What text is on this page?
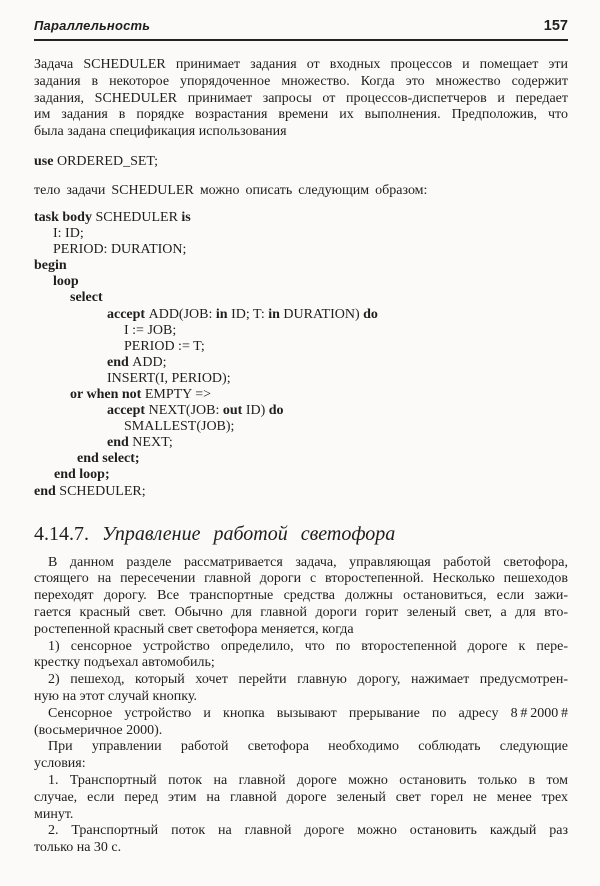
Параллельность	157
Задача SCHEDULER принимает задания от входных процессов и помещает эти
задания в некоторое упорядоченное множество. Когда это множество содержит
задания, SCHEDULER принимает запросы от процессов-диспетчеров и передает
им задания в порядке возрастания времени их выполнения. Предположив, что
была задана спецификация использования
use ORDERED_SET;
тело задачи SCHEDULER можно описать следующим образом:
task body SCHEDULER is
I: ID;
PERIOD: DURATION;
begin
loop
select
accept ADD(JOB: in ID; T: in DURATION) do
I := JOB;
PERIOD := T;
end ADD;
INSERT(I, PERIOD);
or when not EMPTY =>
accept NEXT(JOB: out ID) do
SMALLEST(JOB);
end NEXT;
end select;
end loop;
end SCHEDULER;
4.14.7. Управление работой светофора
В данном разделе рассматривается задача, управляющая работой светофора,
стоящего на пересечении главной дороги с второстепенной. Несколько пешеходов
переходят дорогу. Все транспортные средства должны остановиться, если зажи-
гается красный свет. Обычно для главной дороги горит зеленый свет, а для вто-
ростепенной красный свет светофора меняется, когда
1) сенсорное устройство определило, что по второстепенной дороге к пере-
крестку подъехал автомобиль;
2) пешеход, который хочет перейти главную дорогу, нажимает предусмотрен-
ную на этот случай кнопку.
Сенсорное устройство и кнопка вызывают прерывание по адресу 8 # 2000 #
(восьмеричное 2000).
При управлении работой светофора необходимо соблюдать следующие
условия:
1. Транспортный поток на главной дороге можно остановить только в том
случае, если перед этим на главной дороге зеленый свет горел не менее трех
минут.
2. Транспортный поток на главной дороге можно остановить каждый раз
только на 30 с.
